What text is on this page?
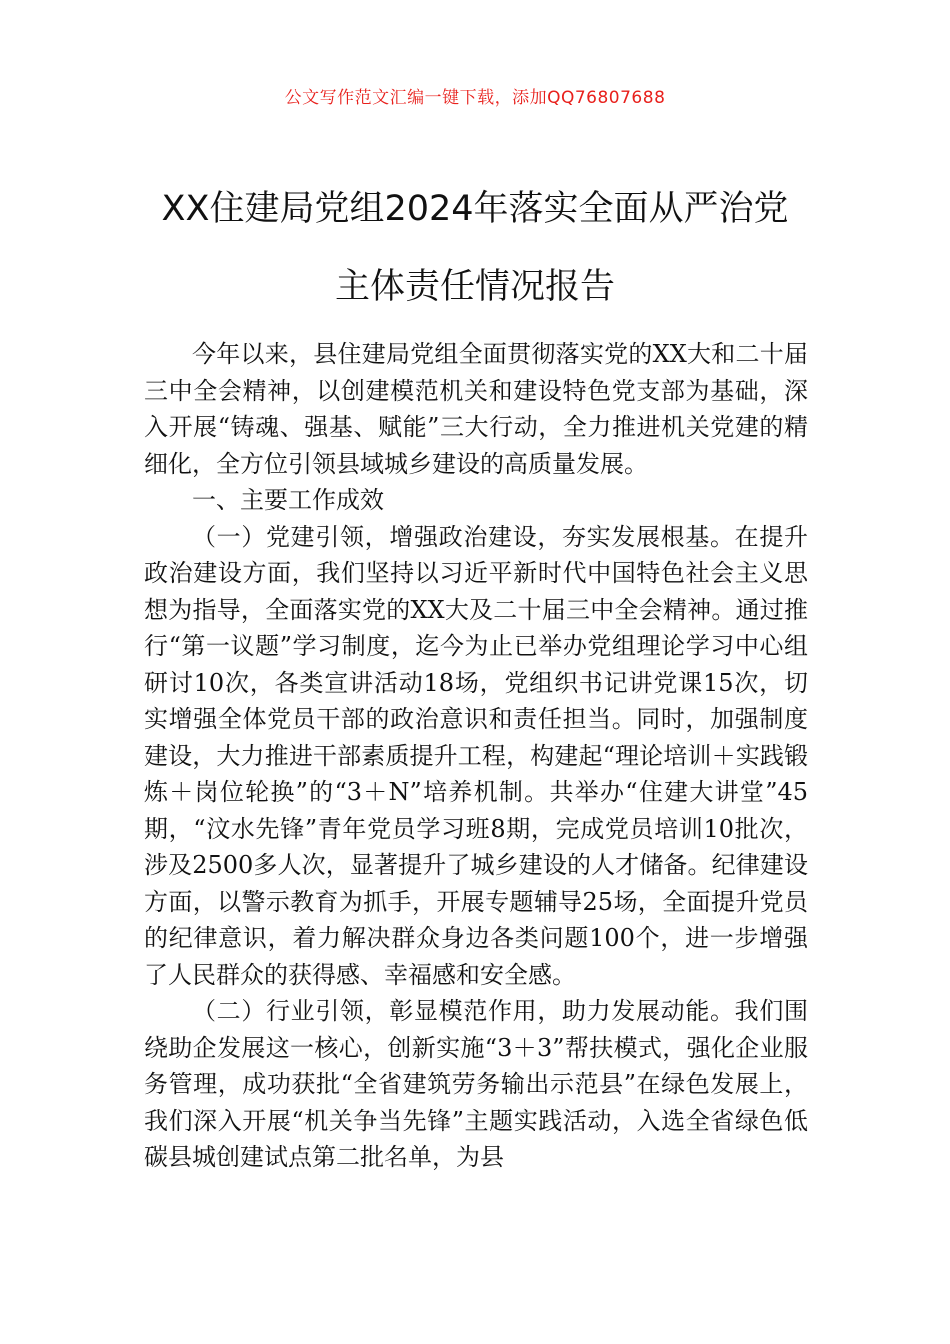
公文写作范文汇编一键下载，添加QQ76807688
XX住建局党组2024年落实全面从严治党
主体责任情况报告

今年以来，县住建局党组全面贯彻落实党的XX大和二十届三中全会精神，以创建模范机关和建设特色党支部为基础，深入开展“铸魂、强基、赋能”三大行动，全力推进机关党建的精细化，全方位引领县域城乡建设的高质量发展。

一、主要工作成效

（一）党建引领，增强政治建设，夯实发展根基。在提升政治建设方面，我们坚持以习近平新时代中国特色社会主义思想为指导，全面落实党的XX大及二十届三中全会精神。通过推行“第一议题”学习制度，迄今为止已举办党组理论学习中心组研讨10次，各类宣讲活动18场，党组织书记讲党课15次，切实增强全体党员干部的政治意识和责任担当。同时，加强制度建设，大力推进干部素质提升工程，构建起“理论培训＋实践锻炼＋岗位轮换”的“3＋N”培养机制。共举办“住建大讲堂”45期，“汶水先锋”青年党员学习班8期，完成党员培训10批次，涉及2500多人次，显著提升了城乡建设的人才储备。纪律建设方面，以警示教育为抓手，开展专题辅导25场，全面提升党员的纪律意识，着力解决群众身边各类问题100个，进一步增强了人民群众的获得感、幸福感和安全感。

（二）行业引领，彰显模范作用，助力发展动能。我们围绕助企发展这一核心，创新实施“3＋3”帮扶模式，强化企业服务管理，成功获批“全省建筑劳务输出示范县”在绿色发展上，我们深入开展“机关争当先锋”主题实践活动，入选全省绿色低碳县城创建试点第二批名单，为县
